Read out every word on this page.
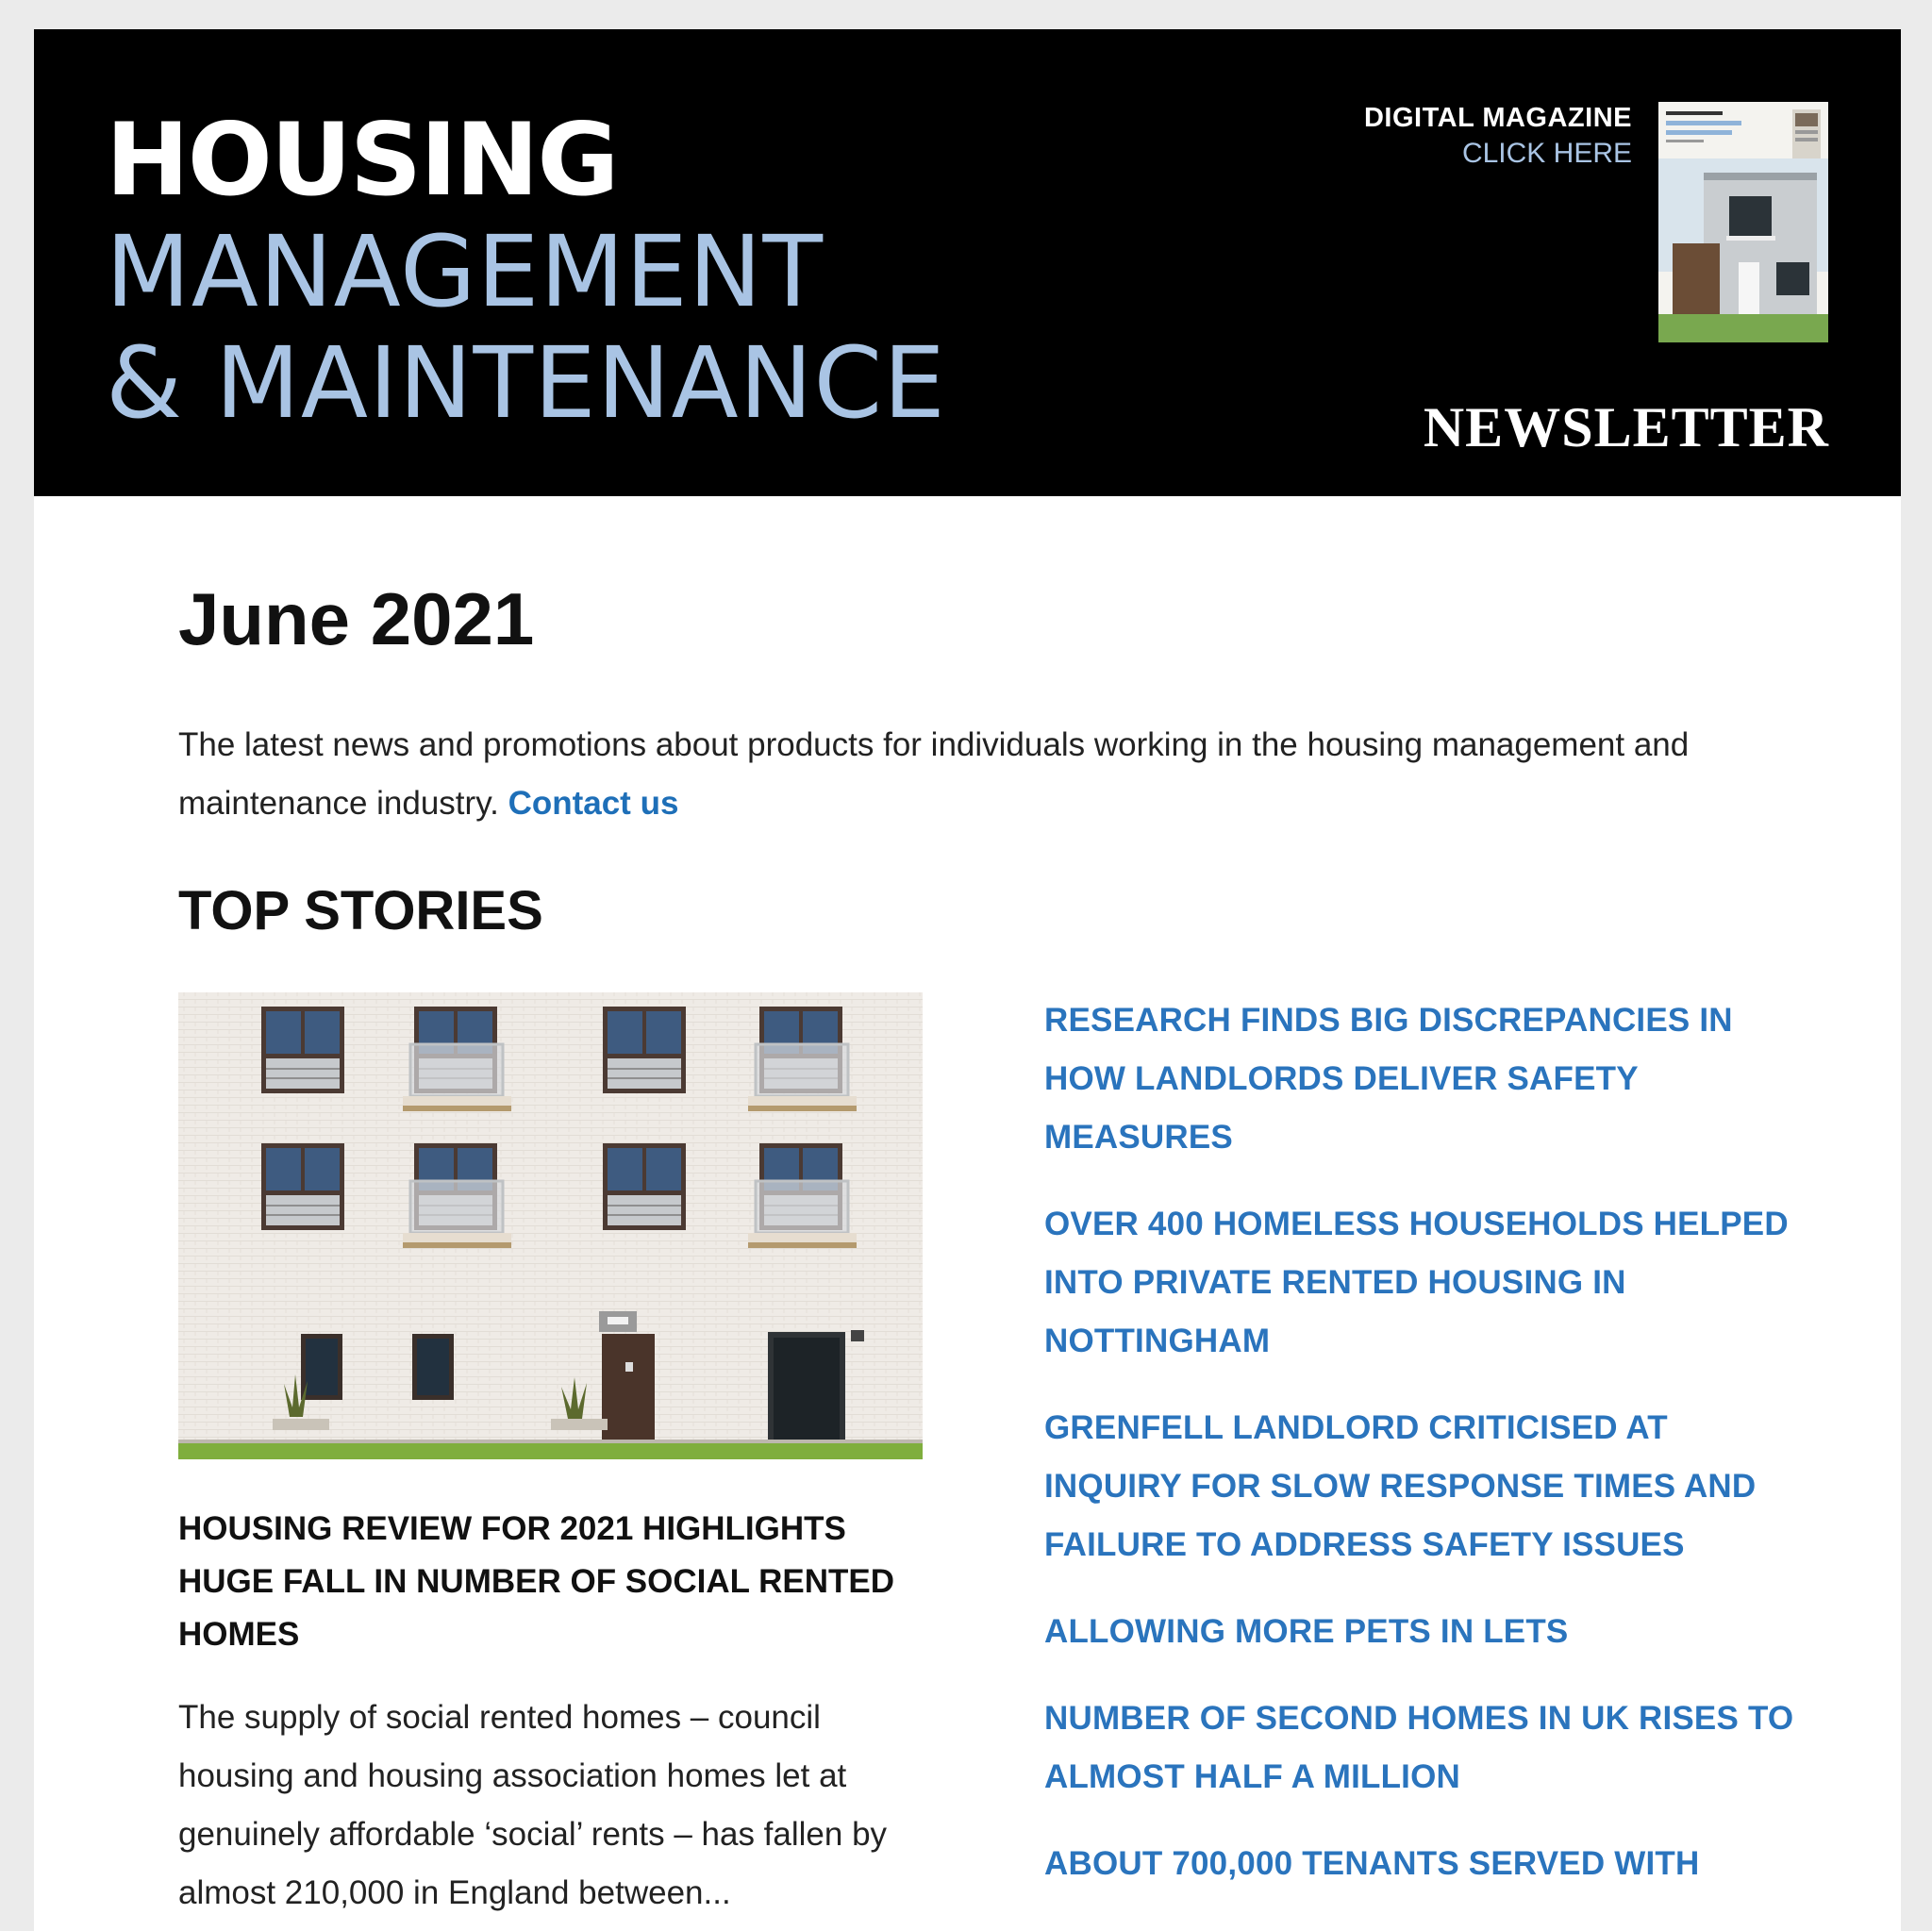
HOUSING
MANAGEMENT
& MAINTENANCE
DIGITAL MAGAZINE
CLICK HERE
NEWSLETTER
June 2021

The latest news and promotions about products for individuals working in the housing management and maintenance industry. Contact us

TOP STORIES
HOUSING REVIEW FOR 2021 HIGHLIGHTS HUGE FALL IN NUMBER OF SOCIAL RENTED HOMES

The supply of social rented homes – council housing and housing association homes let at genuinely affordable ‘social’ rents – has fallen by almost 210,000 in England between...

RESEARCH FINDS BIG DISCREPANCIES IN HOW LANDLORDS DELIVER SAFETY MEASURES
OVER 400 HOMELESS HOUSEHOLDS HELPED INTO PRIVATE RENTED HOUSING IN NOTTINGHAM
GRENFELL LANDLORD CRITICISED AT INQUIRY FOR SLOW RESPONSE TIMES AND FAILURE TO ADDRESS SAFETY ISSUES
ALLOWING MORE PETS IN LETS
NUMBER OF SECOND HOMES IN UK RISES TO ALMOST HALF A MILLION
ABOUT 700,000 TENANTS SERVED WITH
